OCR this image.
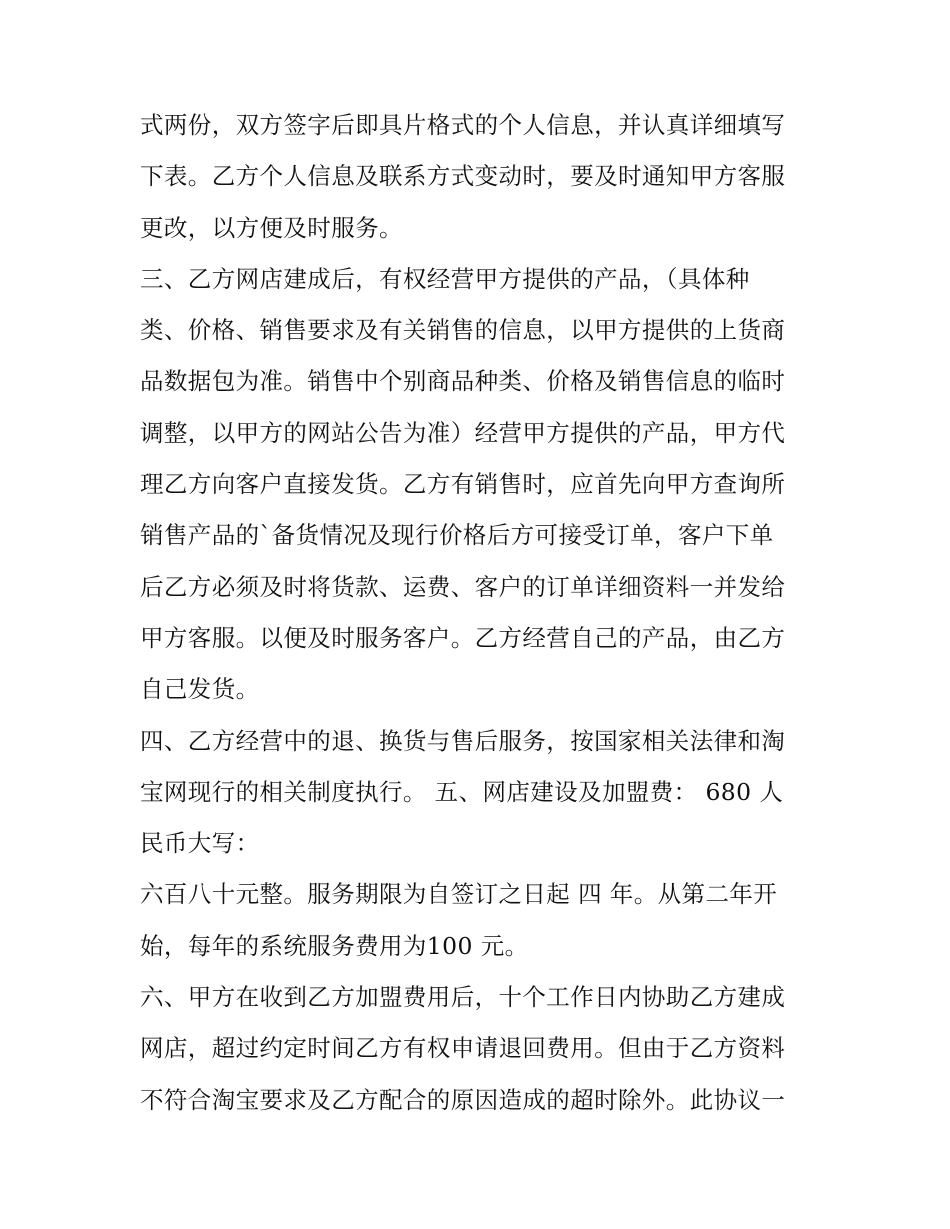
式两份，双方签字后即具片格式的个人信息，并认真详细填写
下表。乙方个人信息及联系方式变动时，要及时通知甲方客服
更改，以方便及时服务。
三、乙方网店建成后，有权经营甲方提供的产品，（具体种
类、价格、销售要求及有关销售的信息，以甲方提供的上货商
品数据包为准。销售中个别商品种类、价格及销售信息的临时
调整，以甲方的网站公告为准）经营甲方提供的产品，甲方代
理乙方向客户直接发货。乙方有销售时，应首先向甲方查询所
销售产品的`备货情况及现行价格后方可接受订单，客户下单
后乙方必须及时将货款、运费、客户的订单详细资料一并发给
甲方客服。以便及时服务客户。乙方经营自己的产品，由乙方
自己发货。
四、乙方经营中的退、换货与售后服务，按国家相关法律和淘
宝网现行的相关制度执行。 五、网店建设及加盟费： 680 人
民币大写：
六百八十元整。服务期限为自签订之日起 四 年。从第二年开
始，每年的系统服务费用为100 元。
六、甲方在收到乙方加盟费用后，十个工作日内协助乙方建成
网店，超过约定时间乙方有权申请退回费用。但由于乙方资料
不符合淘宝要求及乙方配合的原因造成的超时除外。此协议一
